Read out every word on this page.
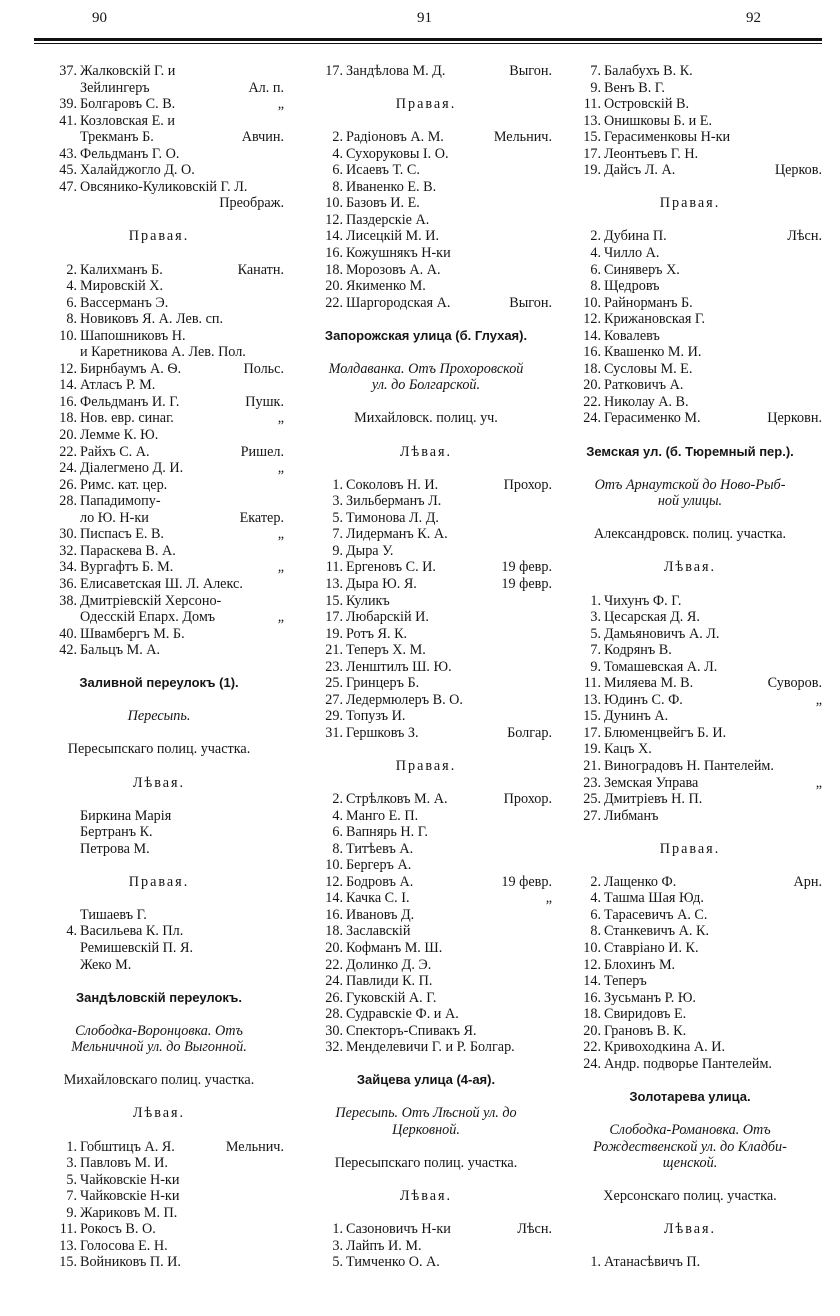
90	91	92
37. Жалковскій Г. и
Зейлингеръ	Ал. п.
39. Болгаровъ С. В.	„
41. Козловская Е. и
Трекманъ Б.	Авчин.
43. Фельдманъ Г. О.
45. Халайджогло Д. О.
47. Овсянико-Куликовскій Г. Л.
Преображ.
Правая.
2. Калихманъ Б.	Канатн.
4. Мировскій Х.
6. Вассерманъ Э.
8. Новиковъ Я. А. Лев. сп.
10. Шапошниковъ Н.
и Каретникова А. Лев. Пол.
12. Бирнбаумъ А. Ѳ.	Польс.
14. Атласъ Р. М.
16. Фельдманъ И. Г.	Пушк.
18. Нов. евр. синаг.	„
20. Лемме К. Ю.
22. Райхъ С. А.	Ришел.
24. Діалегмено Д. И.	„
26. Римс. кат. цер.
28. Пападимопу-
ло Ю. Н-ки	Екатер.
30. Писпасъ Е. В.	„
32. Параскева В. А.
34. Вургафтъ Б. М.	„
36. Елисаветская Ш. Л. Алекс.
38. Дмитріевскій Херсоно-
Одесскій Епарх. Домъ	„
40. Швамбергъ М. Б.
42. Бальцъ М. А.
Заливной переулокъ (1).
Пересыпь.
Пересыпскаго полиц. участка.
Лѣвая.
Биркина Марія
Бертранъ К.
Петрова М.
Правая.
Тишаевъ Г.
4. Васильева К. Пл.
Ремишевскій П. Я.
Жеко М.
Зандѣловскій переулокъ.
Слободка-Воронцовка. Отъ
Мельничной ул. до Выгонной.
Михайловскаго полиц. участка.
Лѣвая.
1. Гобштицъ А. Я.	Мельнич.
3. Павловъ М. И.
5. Чайковскіе Н-ки
7. Чайковскіе Н-ки
9. Жариковъ М. П.
11. Рокосъ В. О.
13. Голосова Е. Н.
15. Войниковъ П. И.
17. Зандѣлова М. Д.	Выгон.
Правая.
2. Радіоновъ А. М.	Мельнич.
4. Сухоруковы І. О.
6. Исаевъ Т. С.
8. Иваненко Е. В.
10. Базовъ И. Е.
12. Паздерскіе А.
14. Лисецкій М. И.
16. Кожушнякъ Н-ки
18. Морозовъ А. А.
20. Якименко М.
22. Шаргородская А.	Выгон.
Запорожская улица (б. Глухая).
Молдаванка. Отъ Прохоровской
ул. до Болгарской.
Михайловск. полиц. уч.
Лѣвая.
1. Соколовъ Н. И.	Прохор.
3. Зильберманъ Л.
5. Тимонова Л. Д.
7. Лидерманъ К. А.
9. Дыра У.
11. Ергеновъ С. И.	19 февр.
13. Дыра Ю. Я.	19 февр.
15. Куликъ
17. Любарскій И.
19. Ротъ Я. К.
21. Теперъ Х. М.
23. Ленштилъ Ш. Ю.
25. Гринцеръ Б.
27. Ледермюлеръ В. О.
29. Топузъ И.
31. Гершковъ З.	Болгар.
Правая.
2. Стрѣлковъ М. А.	Прохор.
4. Манго Е. П.
6. Вапнярь Н. Г.
8. Титѣевъ А.
10. Бергеръ А.
12. Бодровъ А.	19 февр.
14. Качка С. І.	„
16. Ивановъ Д.
18. Заславскій
20. Кофманъ М. Ш.
22. Долинко Д. Э.
24. Павлиди К. П.
26. Гуковскій А. Г.
28. Судравскіе Ф. и А.
30. Спекторъ-Спивакъ Я.
32. Менделевичи Г. и Р. Болгар.
Зайцева улица (4-ая).
Пересыпь. Отъ Лѣсной ул. до
Церковной.
Пересыпскаго полиц. участка.
Лѣвая.
1. Сазоновичъ Н-ки	Лѣсн.
3. Лайпъ И. М.
5. Тимченко О. А.
7. Балабухъ В. К.
9. Венъ В. Г.
11. Островскій В.
13. Онишковы Б. и Е.
15. Герасименковы Н-ки
17. Леонтьевъ Г. Н.
19. Дайсъ Л. А.	Церков.
Правая.
2. Дубина П.	Лѣсн.
4. Чилло А.
6. Синяверъ Х.
8. Щедровъ
10. Райнорманъ Б.
12. Крижановская Г.
14. Ковалевъ
16. Квашенко М. И.
18. Сусловы М. Е.
20. Ратковичъ А.
22. Николау А. В.
24. Герасименко М.	Церковн.
Земская ул. (б. Тюремный пер.).
Отъ Арнаутской до Ново-Рыб-
ной улицы.
Александровск. полиц. участка.
Лѣвая.
1. Чихунъ Ф. Г.
3. Цесарская Д. Я.
5. Дамьяновичъ А. Л.
7. Кодрянъ В.
9. Томашевская А. Л.
11. Миляева М. В.	Суворов.
13. Юдинъ С. Ф.	„
15. Дунинъ А.
17. Блюменцвейгъ Б. И.
19. Кацъ Х.
21. Виноградовъ Н. Пантелейм.
23. Земская Управа	„
25. Дмитріевъ Н. П.
27. Либманъ
Правая.
2. Лащенко Ф.	Арн.
4. Ташма Шая Юд.
6. Тарасевичъ А. С.
8. Станкевичъ А. К.
10. Ставріано И. К.
12. Блохинъ М.
14. Теперъ
16. Зусьманъ Р. Ю.
18. Свиридовъ Е.
20. Грановъ В. К.
22. Кривоходкина А. И.
24. Андр. подворье Пантелейм.
Золотарева улица.
Слободка-Романовка. Отъ
Рождественской ул. до Кладби-
щенской.
Херсонскаго полиц. участка.
Лѣвая.
1. Атанасѣвичъ П.
